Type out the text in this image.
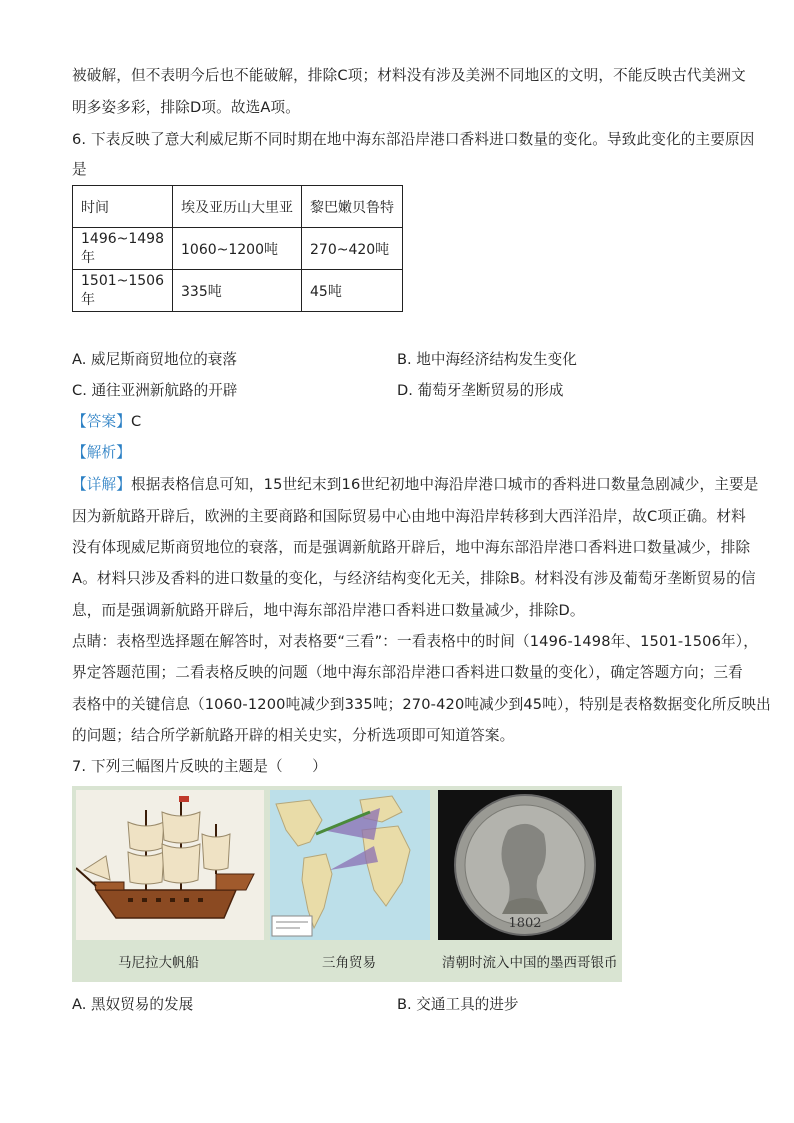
被破解，但不表明今后也不能破解，排除C项；材料没有涉及美洲不同地区的文明，不能反映古代美洲文
明多姿多彩，排除D项。故选A项。
6. 下表反映了意大利威尼斯不同时期在地中海东部沿岸港口香料进口数量的变化。导致此变化的主要原因
是
时间	埃及亚历山大里亚	黎巴嫩贝鲁特
1496~1498年	1060~1200吨	270~420吨
1501~1506年	335吨	45吨
A. 威尼斯商贸地位的衰落	B. 地中海经济结构发生变化
C. 通往亚洲新航路的开辟	D. 葡萄牙垄断贸易的形成
【答案】C
【解析】
【详解】根据表格信息可知，15世纪末到16世纪初地中海沿岸港口城市的香料进口数量急剧减少，主要是
因为新航路开辟后，欧洲的主要商路和国际贸易中心由地中海沿岸转移到大西洋沿岸，故C项正确。材料
没有体现威尼斯商贸地位的衰落，而是强调新航路开辟后，地中海东部沿岸港口香料进口数量减少，排除
A。材料只涉及香料的进口数量的变化，与经济结构变化无关，排除B。材料没有涉及葡萄牙垄断贸易的信
息，而是强调新航路开辟后，地中海东部沿岸港口香料进口数量减少，排除D。
点睛：表格型选择题在解答时，对表格要“三看”：一看表格中的时间（1496-1498年、1501-1506年），
界定答题范围；二看表格反映的问题（地中海东部沿岸港口香料进口数量的变化），确定答题方向；三看
表格中的关键信息（1060-1200吨减少到335吨；270-420吨减少到45吨），特别是表格数据变化所反映出
的问题；结合所学新航路开辟的相关史实，分析选项即可知道答案。
7. 下列三幅图片反映的主题是（　　）
1802
马尼拉大帆船	三角贸易	清朝时流入中国的墨西哥银币
A. 黑奴贸易的发展	B. 交通工具的进步
